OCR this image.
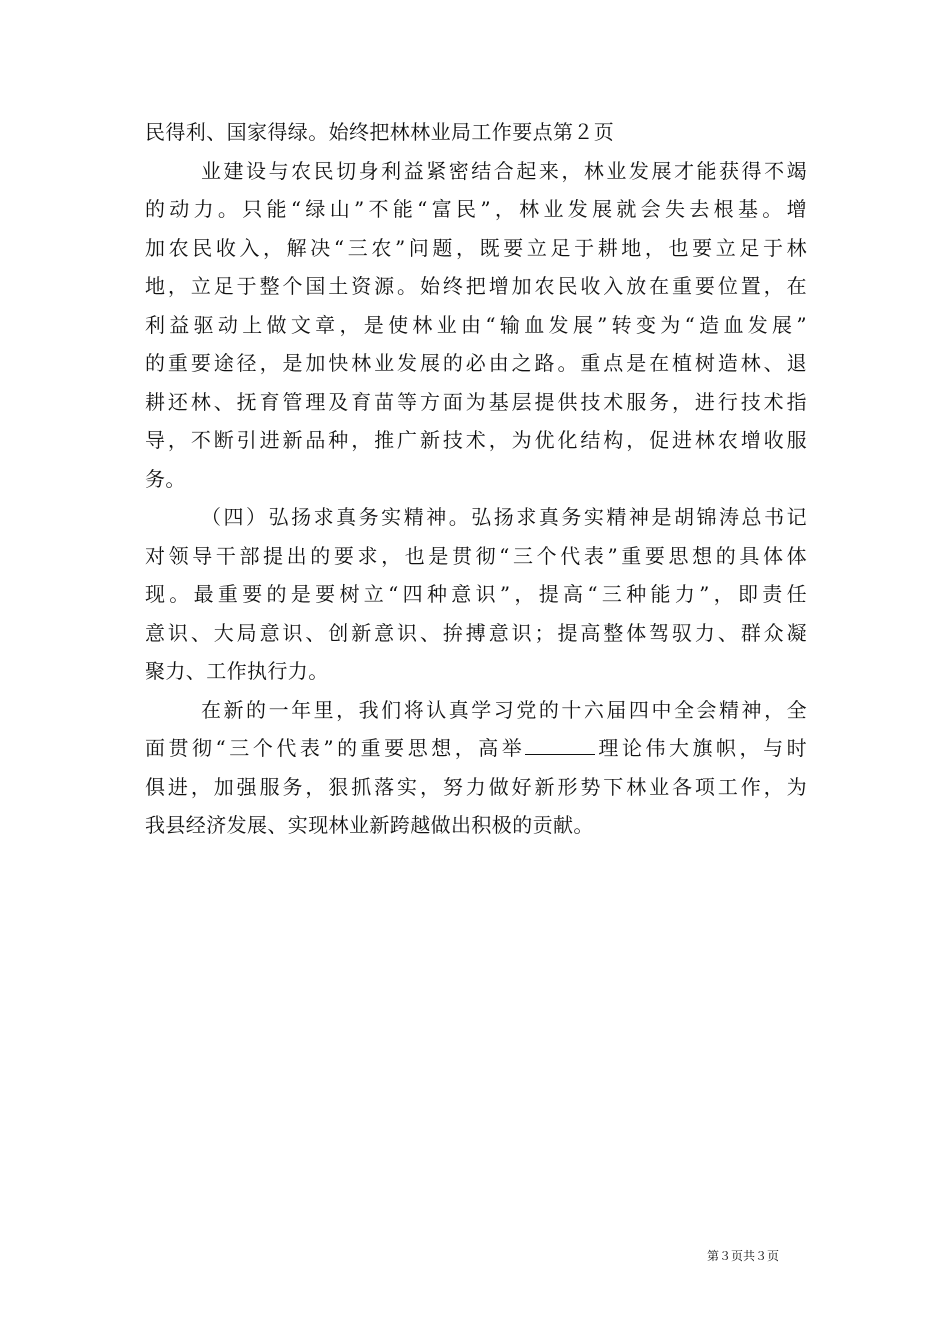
民得利、国家得绿。始终把林林业局工作要点第２页
业建设与农民切身利益紧密结合起来，林业发展才能获得不竭
的动力。只能“绿山”不能“富民”，林业发展就会失去根基。增
加农民收入，解决“三农”问题，既要立足于耕地，也要立足于林
地，立足于整个国土资源。始终把增加农民收入放在重要位置，在
利益驱动上做文章，是使林业由“输血发展”转变为“造血发展”
的重要途径，是加快林业发展的必由之路。重点是在植树造林、退
耕还林、抚育管理及育苗等方面为基层提供技术服务，进行技术指
导，不断引进新品种，推广新技术，为优化结构，促进林农增收服
务。
（四）弘扬求真务实精神。弘扬求真务实精神是胡锦涛总书记
对领导干部提出的要求，也是贯彻“三个代表”重要思想的具体体
现。最重要的是要树立“四种意识”，提高“三种能力”，即责任
意识、大局意识、创新意识、拚搏意识；提高整体驾驭力、群众凝
聚力、工作执行力。
在新的一年里，我们将认真学习党的十六届四中全会精神，全
面贯彻“三个代表”的重要思想，高举	理论伟大旗帜，与时
俱进，加强服务，狠抓落实，努力做好新形势下林业各项工作，为
我县经济发展、实现林业新跨越做出积极的贡献。
第３页共３页
